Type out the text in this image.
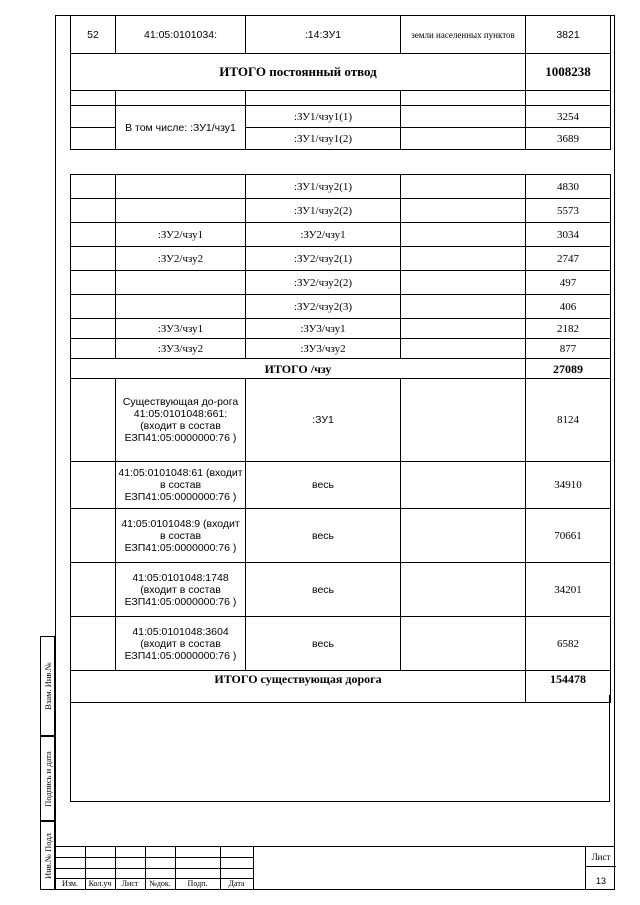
52	41:05:0101034:	:14:ЗУ1	земли населенных пунктов	3821
ИТОГО постоянный отвод				1008238

	В том числе: :ЗУ1/чзу1	:ЗУ1/чзу1(1)		3254
		:ЗУ1/чзу1(2)		3689

		:ЗУ1/чзу2(1)		4830
		:ЗУ1/чзу2(2)		5573
	:ЗУ2/чзу1	:ЗУ2/чзу1		3034
	:ЗУ2/чзу2	:ЗУ2/чзу2(1)		2747
		:ЗУ2/чзу2(2)		497
		:ЗУ2/чзу2(3)		406
	:ЗУ3/чзу1	:ЗУ3/чзу1		2182
	:ЗУ3/чзу2	:ЗУ3/чзу2		877
ИТОГО /чзу				27089
	Существующая до-рога 41:05:0101048:661: (входит в состав ЕЗП41:05:0000000:76 )	:ЗУ1		8124
	41:05:0101048:61 (входит в состав ЕЗП41:05:0000000:76 )	весь		34910
	41:05:0101048:9 (входит в состав ЕЗП41:05:0000000:76 )	весь		70661
	41:05:0101048:1748 (входит в состав ЕЗП41:05:0000000:76 )	весь		34201
	41:05:0101048:3604 (входит в состав ЕЗП41:05:0000000:76 )	весь		6582
ИТОГО существующая дорога				154478
Взам. Инв.№
Подпись и дата
Инв.№ Подл
Изм.	Кол.уч	Лист	№док.	Подп.	Дата
Лист
13
